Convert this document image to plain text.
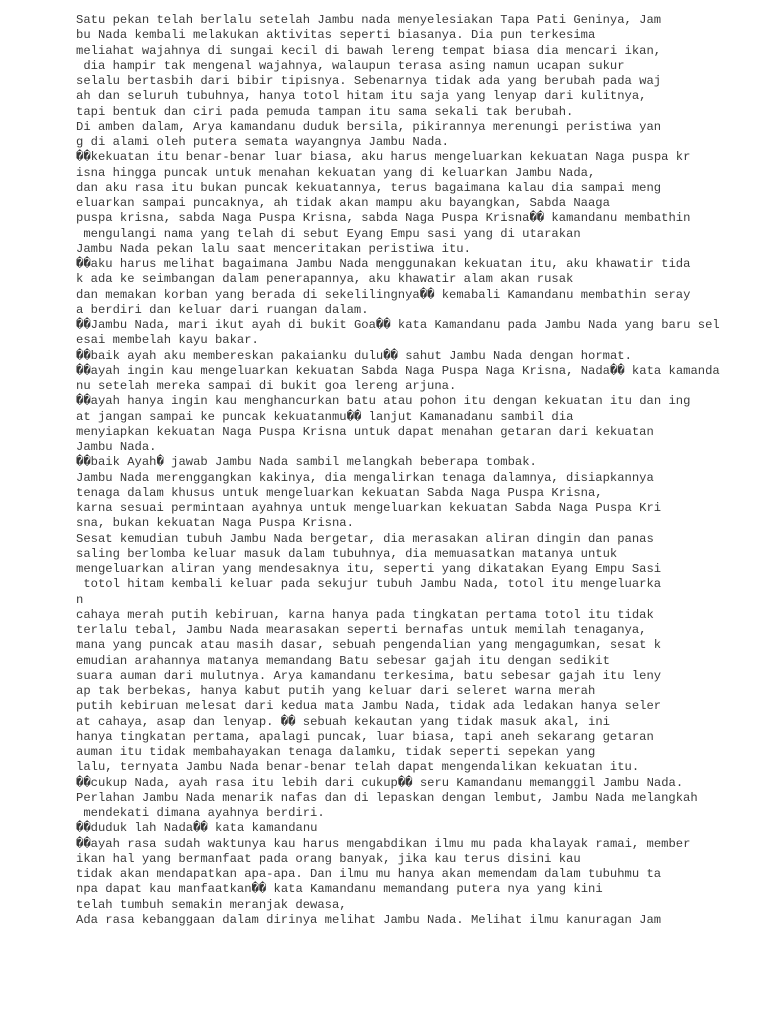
Satu pekan telah berlalu setelah Jambu nada menyelesiakan Tapa Pati Geninya, Jam
bu Nada kembali melakukan aktivitas seperti biasanya. Dia pun terkesima
meliahat wajahnya di sungai kecil di bawah lereng tempat biasa dia mencari ikan,
dia hampir tak mengenal wajahnya, walaupun terasa asing namun ucapan sukur
selalu bertasbih dari bibir tipisnya. Sebenarnya tidak ada yang berubah pada waj
ah dan seluruh tubuhnya, hanya totol hitam itu saja yang lenyap dari kulitnya,
tapi bentuk dan ciri pada pemuda tampan itu sama sekali tak berubah.
Di amben dalam, Arya kamandanu duduk bersila, pikirannya merenungi peristiwa yan
g di alami oleh putera semata wayangnya Jambu Nada.
��kekuatan itu benar-benar luar biasa, aku harus mengeluarkan kekuatan Naga puspa kr
isna hingga puncak untuk menahan kekuatan yang di keluarkan Jambu Nada,
dan aku rasa itu bukan puncak kekuatannya, terus bagaimana kalau dia sampai meng
eluarkan sampai puncaknya, ah tidak akan mampu aku bayangkan, Sabda Naaga
puspa krisna, sabda Naga Puspa Krisna, sabda Naga Puspa Krisna�� kamandanu membathin
mengulangi nama yang telah di sebut Eyang Empu sasi yang di utarakan
Jambu Nada pekan lalu saat menceritakan peristiwa itu.
��aku harus melihat bagaimana Jambu Nada menggunakan kekuatan itu, aku khawatir tida
k ada ke seimbangan dalam penerapannya, aku khawatir alam akan rusak
dan memakan korban yang berada di sekelilingnya�� kemabali Kamandanu membathin seray
a berdiri dan keluar dari ruangan dalam.
��Jambu Nada, mari ikut ayah di bukit Goa�� kata Kamandanu pada Jambu Nada yang baru sel
esai membelah kayu bakar.
��baik ayah aku membereskan pakaianku dulu�� sahut Jambu Nada dengan hormat.
��ayah ingin kau mengeluarkan kekuatan Sabda Naga Puspa Naga Krisna, Nada�� kata kamanda
nu setelah mereka sampai di bukit goa lereng arjuna.
��ayah hanya ingin kau menghancurkan batu atau pohon itu dengan kekuatan itu dan ing
at jangan sampai ke puncak kekuatanmu�� lanjut Kamanadanu sambil dia
menyiapkan kekuatan Naga Puspa Krisna untuk dapat menahan getaran dari kekuatan
Jambu Nada.
��baik Ayah� jawab Jambu Nada sambil melangkah beberapa tombak.
Jambu Nada merenggangkan kakinya, dia mengalirkan tenaga dalamnya, disiapkannya
tenaga dalam khusus untuk mengeluarkan kekuatan Sabda Naga Puspa Krisna,
karna sesuai permintaan ayahnya untuk mengeluarkan kekuatan Sabda Naga Puspa Kri
sna, bukan kekuatan Naga Puspa Krisna.
Sesat kemudian tubuh Jambu Nada bergetar, dia merasakan aliran dingin dan panas
saling berlomba keluar masuk dalam tubuhnya, dia memuasatkan matanya untuk
mengeluarkan aliran yang mendesaknya itu, seperti yang dikatakan Eyang Empu Sasi
totol hitam kembali keluar pada sekujur tubuh Jambu Nada, totol itu mengeluarka
n
cahaya merah putih kebiruan, karna hanya pada tingkatan pertama totol itu tidak
terlalu tebal, Jambu Nada mearasakan seperti bernafas untuk memilah tenaganya,
mana yang puncak atau masih dasar, sebuah pengendalian yang mengagumkan, sesat k
emudian arahannya matanya memandang Batu sebesar gajah itu dengan sedikit
suara auman dari mulutnya. Arya kamandanu terkesima, batu sebesar gajah itu leny
ap tak berbekas, hanya kabut putih yang keluar dari seleret warna merah
putih kebiruan melesat dari kedua mata Jambu Nada, tidak ada ledakan hanya seler
at cahaya, asap dan lenyap. �� sebuah kekautan yang tidak masuk akal, ini
hanya tingkatan pertama, apalagi puncak, luar biasa, tapi aneh sekarang getaran
auman itu tidak membahayakan tenaga dalamku, tidak seperti sepekan yang
lalu, ternyata Jambu Nada benar-benar telah dapat mengendalikan kekuatan itu.
��cukup Nada, ayah rasa itu lebih dari cukup�� seru Kamandanu memanggil Jambu Nada.
Perlahan Jambu Nada menarik nafas dan di lepaskan dengan lembut, Jambu Nada melangkah
mendekati dimana ayahnya berdiri.
��duduk lah Nada�� kata kamandanu
��ayah rasa sudah waktunya kau harus mengabdikan ilmu mu pada khalayak ramai, member
ikan hal yang bermanfaat pada orang banyak, jika kau terus disini kau
tidak akan mendapatkan apa-apa. Dan ilmu mu hanya akan memendam dalam tubuhmu ta
npa dapat kau manfaatkan�� kata Kamandanu memandang putera nya yang kini
telah tumbuh semakin meranjak dewasa,
Ada rasa kebanggaan dalam dirinya melihat Jambu Nada. Melihat ilmu kanuragan Jam
